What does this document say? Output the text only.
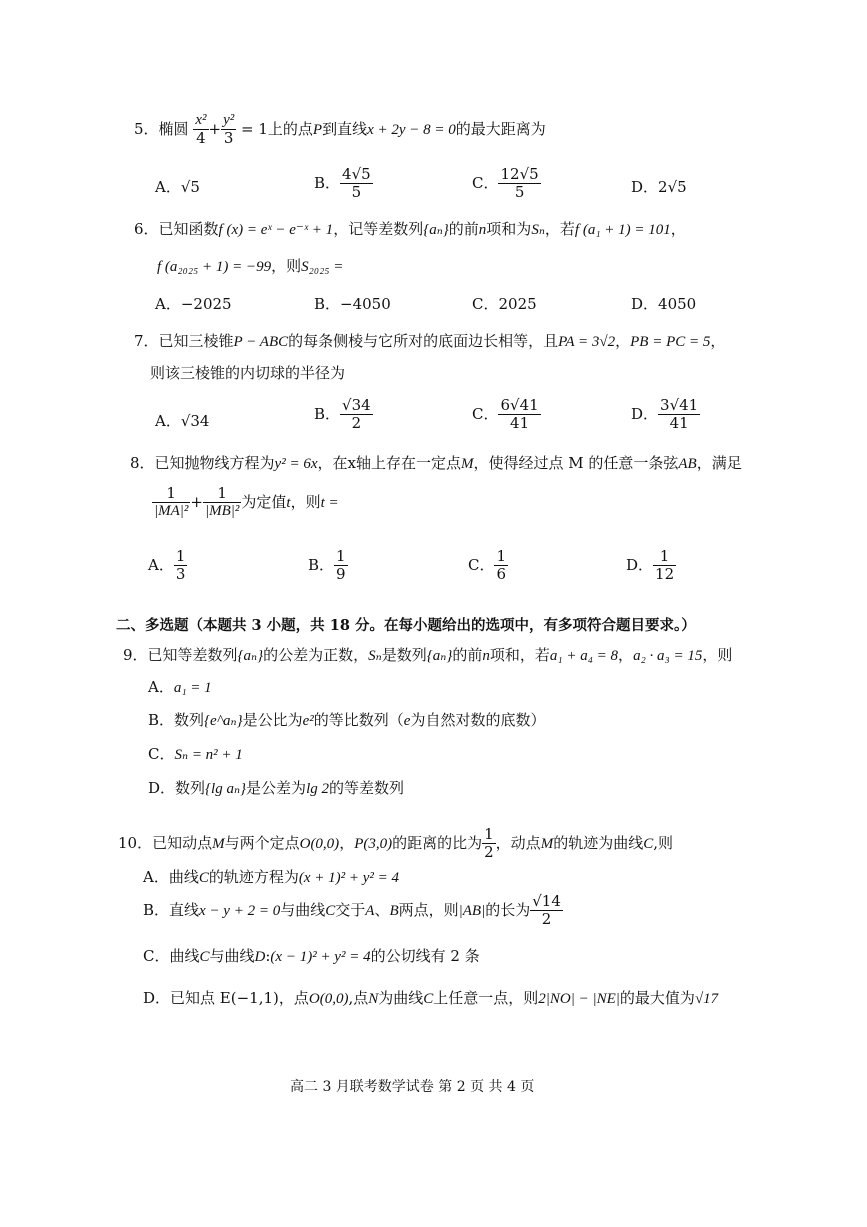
5．椭圆 $\frac{\text{x²}}{4} + \frac{\text{y²}}{3} = 1$上的点P到直线x + 2y − 8 = 0的最大距离为
A．√5	B． $\frac{4√5}{5}$	C． $\frac{12√5}{5}$	D．2√5
6．已知函数f (x) = eˣ − e⁻ˣ + 1，记等差数列{aₙ}的前n项和为Sₙ，若f (a₁ + 1) = 101，
f (a₂₀₂₅ + 1) = −99，则S₂₀₂₅ =
A．−2025	B．−4050	C．2025	D．4050
7．已知三棱锥P − ABC的每条侧棱与它所对的底面边长相等，且PA = 3√2，PB = PC = 5，
则该三棱锥的内切球的半径为
A．√34	B． $\frac{√34}{2}$	C． $\frac{6√41}{41}$	D． $\frac{3√41}{41}$
8．已知抛物线方程为y² = 6x，在x轴上存在一定点M，使得经过点 M 的任意一条弦AB，满足
$\frac{1}{\text{|MA|²}} + \frac{1}{\text{|MB|²}}$ 为定值t，则t =
A． $\frac{1}{3}$	B． $\frac{1}{9}$	C． $\frac{1}{6}$	D． $\frac{1}{12}$
二、多选题（本题共 3 小题，共 18 分。在每小题给出的选项中，有多项符合题目要求。）
9．已知等差数列{aₙ}的公差为正数，Sₙ是数列{aₙ}的前n项和，若a₁ + a₄ = 8，a₂ · a₃ = 15，则
A．a₁ = 1
B．数列{e^aₙ}是公比为e²的等比数列（e为自然对数的底数）
C．Sₙ = n² + 1
D．数列{lg aₙ}是公差为lg 2的等差数列
10．已知动点M与两个定点O(0,0)，P(3,0)的距离的比为 $\frac{1}{2}$ ，动点M的轨迹为曲线C,则
A．曲线C的轨迹方程为(x + 1)² + y² = 4
B．直线x − y + 2 = 0与曲线C交于A、B两点，则|AB|的长为 $\frac{√14}{2}$
C．曲线C与曲线D:(x − 1)² + y² = 4的公切线有 2 条
D．已知点 E(−1,1)，点O(0,0),点N为曲线C上任意一点，则2|NO| − |NE|的最大值为√17
高二 3 月联考数学试卷 第 2 页 共 4 页
